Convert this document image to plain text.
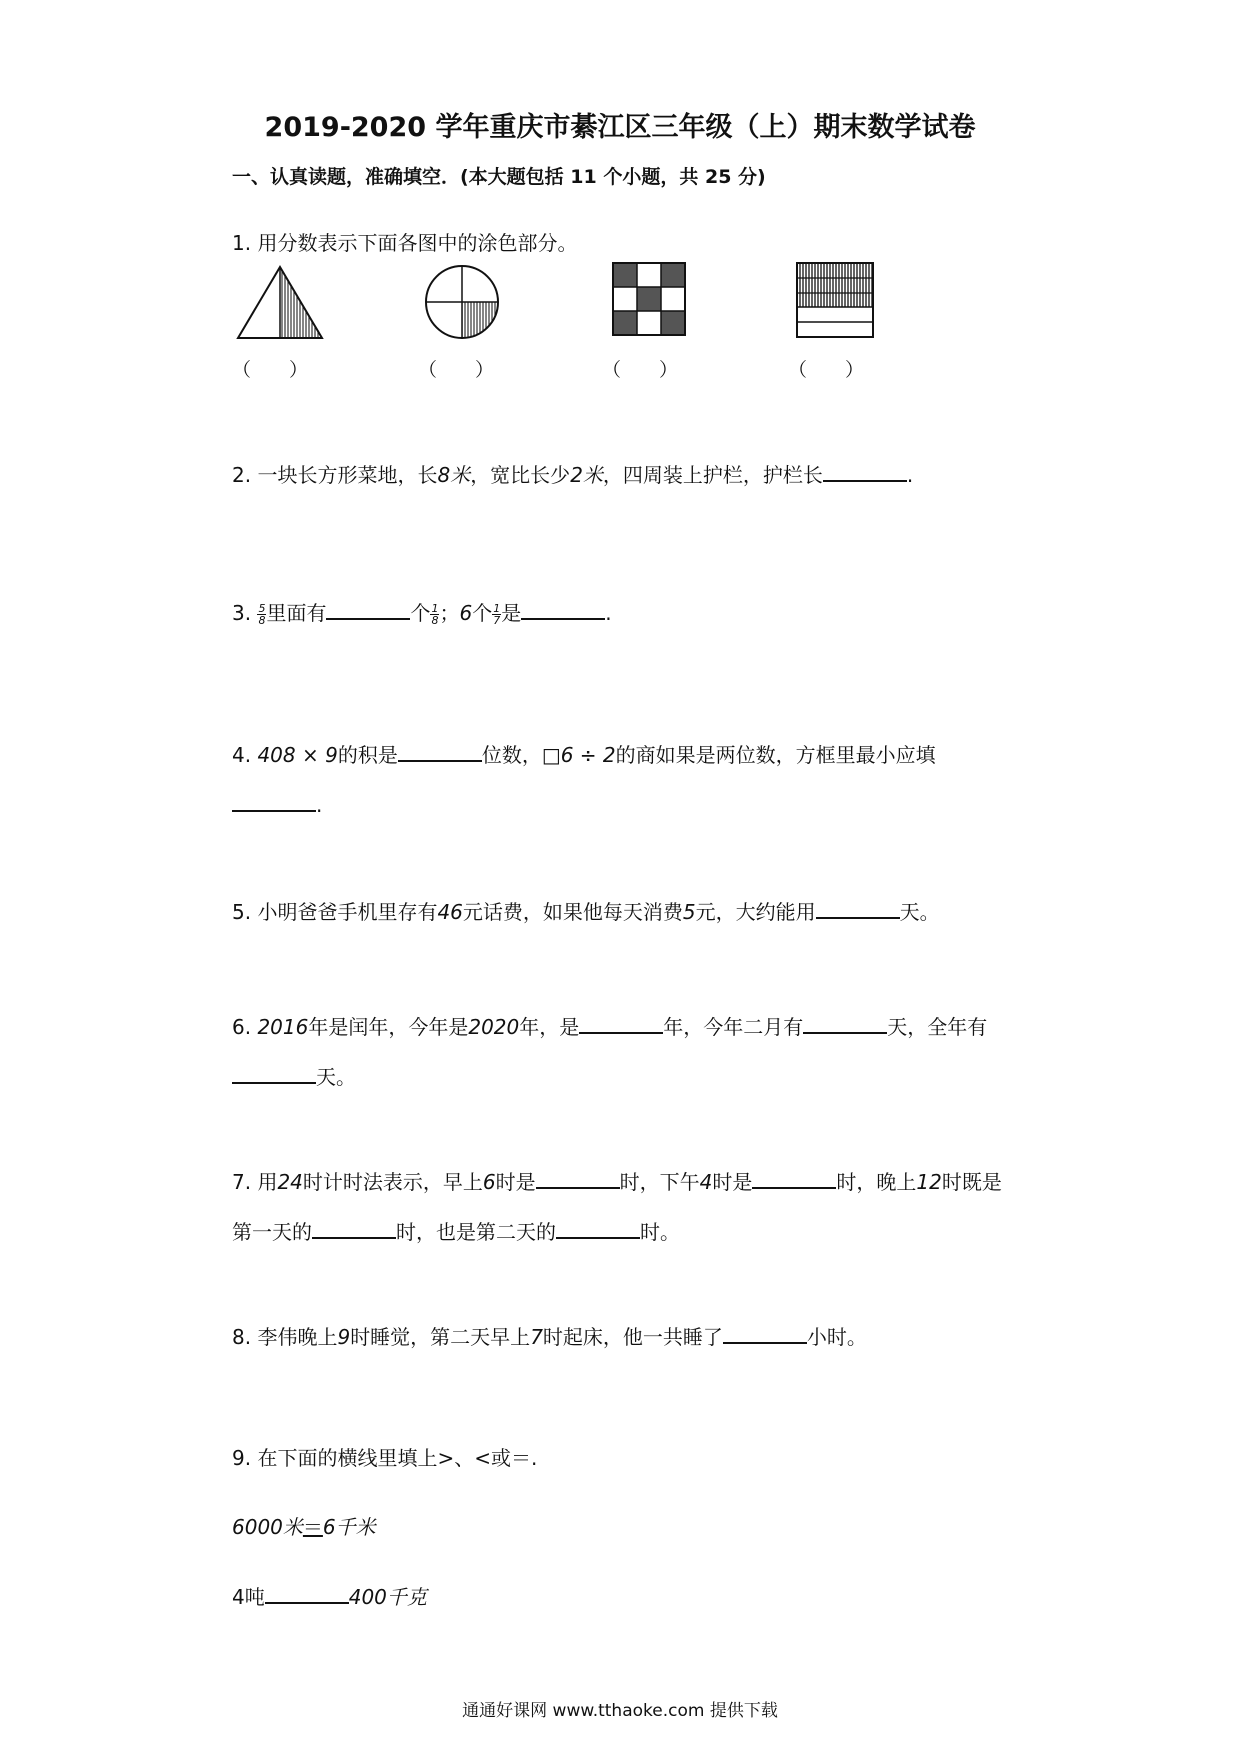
2019-2020 学年重庆市綦江区三年级（上）期末数学试卷
一、认真读题，准确填空．(本大题包括 11 个小题，共 25 分)
1. 用分数表示下面各图中的涂色部分。
（　　）	（　　）	（　　）	（　　）
2. 一块长方形菜地，长8米，宽比长少2米，四周装上护栏，护栏长	.
3. $\frac{5}{8}$ 里面有	个 $\frac{1}{8}$ ；6个 $\frac{1}{7}$ 是	.
4. 408 × 9的积是	位数，□6 ÷ 2的商如果是两位数，方框里最小应填
.
5. 小明爸爸手机里存有46元话费，如果他每天消费5元，大约能用	天。
6. 2016年是闰年，今年是2020年，是	年，今年二月有	天，全年有
天。
7. 用24时计时法表示，早上6时是	时，下午4时是	时，晚上12时既是
第一天的	时，也是第二天的	时。
8. 李伟晚上9时睡觉，第二天早上7时起床，他一共睡了	小时。
9. 在下面的横线里填上>、<或＝.
6000米＝6千米
4吨	400千克
通通好课网 www.tthaoke.com 提供下载
